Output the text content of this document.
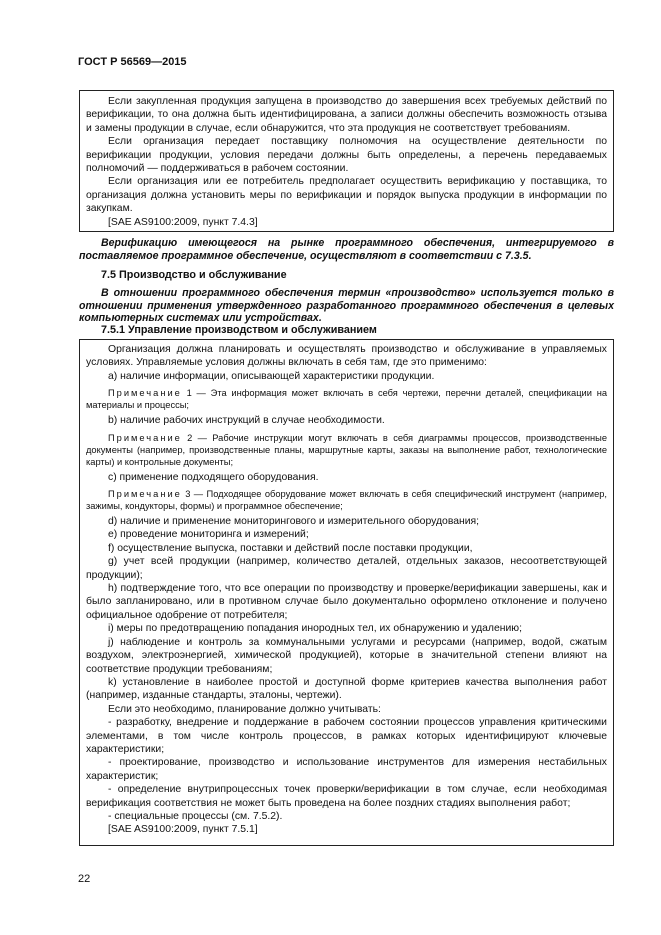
ГОСТ Р 56569—2015

Если закупленная продукция запущена в производство до завершения всех требуемых действий по верификации, то она должна быть идентифицирована, а записи должны обеспечить возможность отзыва и замены продукции в случае, если обнаружится, что эта продукция не соответствует требованиям.

Если организация передает поставщику полномочия на осуществление деятельности по верификации продукции, условия передачи должны быть определены, а перечень передаваемых полномочий — поддерживаться в рабочем состоянии.

Если организация или ее потребитель предполагает осуществить верификацию у поставщика, то организация должна установить меры по верификации и порядок выпуска продукции в информации по закупкам.

[SAE AS9100:2009, пункт 7.4.3]

Верификацию имеющегося на рынке программного обеспечения, интегрируемого в поставляемое программное обеспечение, осуществляют в соответствии с 7.3.5.

7.5 Производство и обслуживание

В отношении программного обеспечения термин «производство» используется только в отношении применения утвержденного разработанного программного обеспечения в целевых компьютерных системах или устройствах.

7.5.1 Управление производством и обслуживанием

Организация должна планировать и осуществлять производство и обслуживание в управляемых условиях. Управляемые условия должны включать в себя там, где это применимо:

а) наличие информации, описывающей характеристики продукции.

Примечание 1 — Эта информация может включать в себя чертежи, перечни деталей, спецификации на материалы и процессы;

b) наличие рабочих инструкций в случае необходимости.

Примечание 2 — Рабочие инструкции могут включать в себя диаграммы процессов, производственные документы (например, производственные планы, маршрутные карты, заказы на выполнение работ, технологические карты) и контрольные документы;

c) применение подходящего оборудования.

Примечание 3 — Подходящее оборудование может включать в себя специфический инструмент (например, зажимы, кондукторы, формы) и программное обеспечение;

d) наличие и применение мониторингового и измерительного оборудования;

е) проведение мониторинга и измерений;

f) осуществление выпуска, поставки и действий после поставки продукции,

g) учет всей продукции (например, количество деталей, отдельных заказов, несоответствующей продукции);

h) подтверждение того, что все операции по производству и проверке/верификации завершены, как и было запланировано, или в противном случае было документально оформлено отклонение и получено официальное одобрение от потребителя;

i) меры по предотвращению попадания инородных тел, их обнаружению и удалению;

j) наблюдение и контроль за коммунальными услугами и ресурсами (например, водой, сжатым воздухом, электроэнергией, химической продукцией), которые в значительной степени влияют на соответствие продукции требованиям;

k) установление в наиболее простой и доступной форме критериев качества выполнения работ (например, изданные стандарты, эталоны, чертежи).

Если это необходимо, планирование должно учитывать:

- разработку, внедрение и поддержание в рабочем состоянии процессов управления критическими элементами, в том числе контроль процессов, в рамках которых идентифицируют ключевые характеристики;

- проектирование, производство и использование инструментов для измерения нестабильных характеристик;

- определение внутрипроцессных точек проверки/верификации в том случае, если необходимая верификация соответствия не может быть проведена на более поздних стадиях выполнения работ;

- специальные процессы (см. 7.5.2).

[SAE AS9100:2009, пункт 7.5.1]

22
